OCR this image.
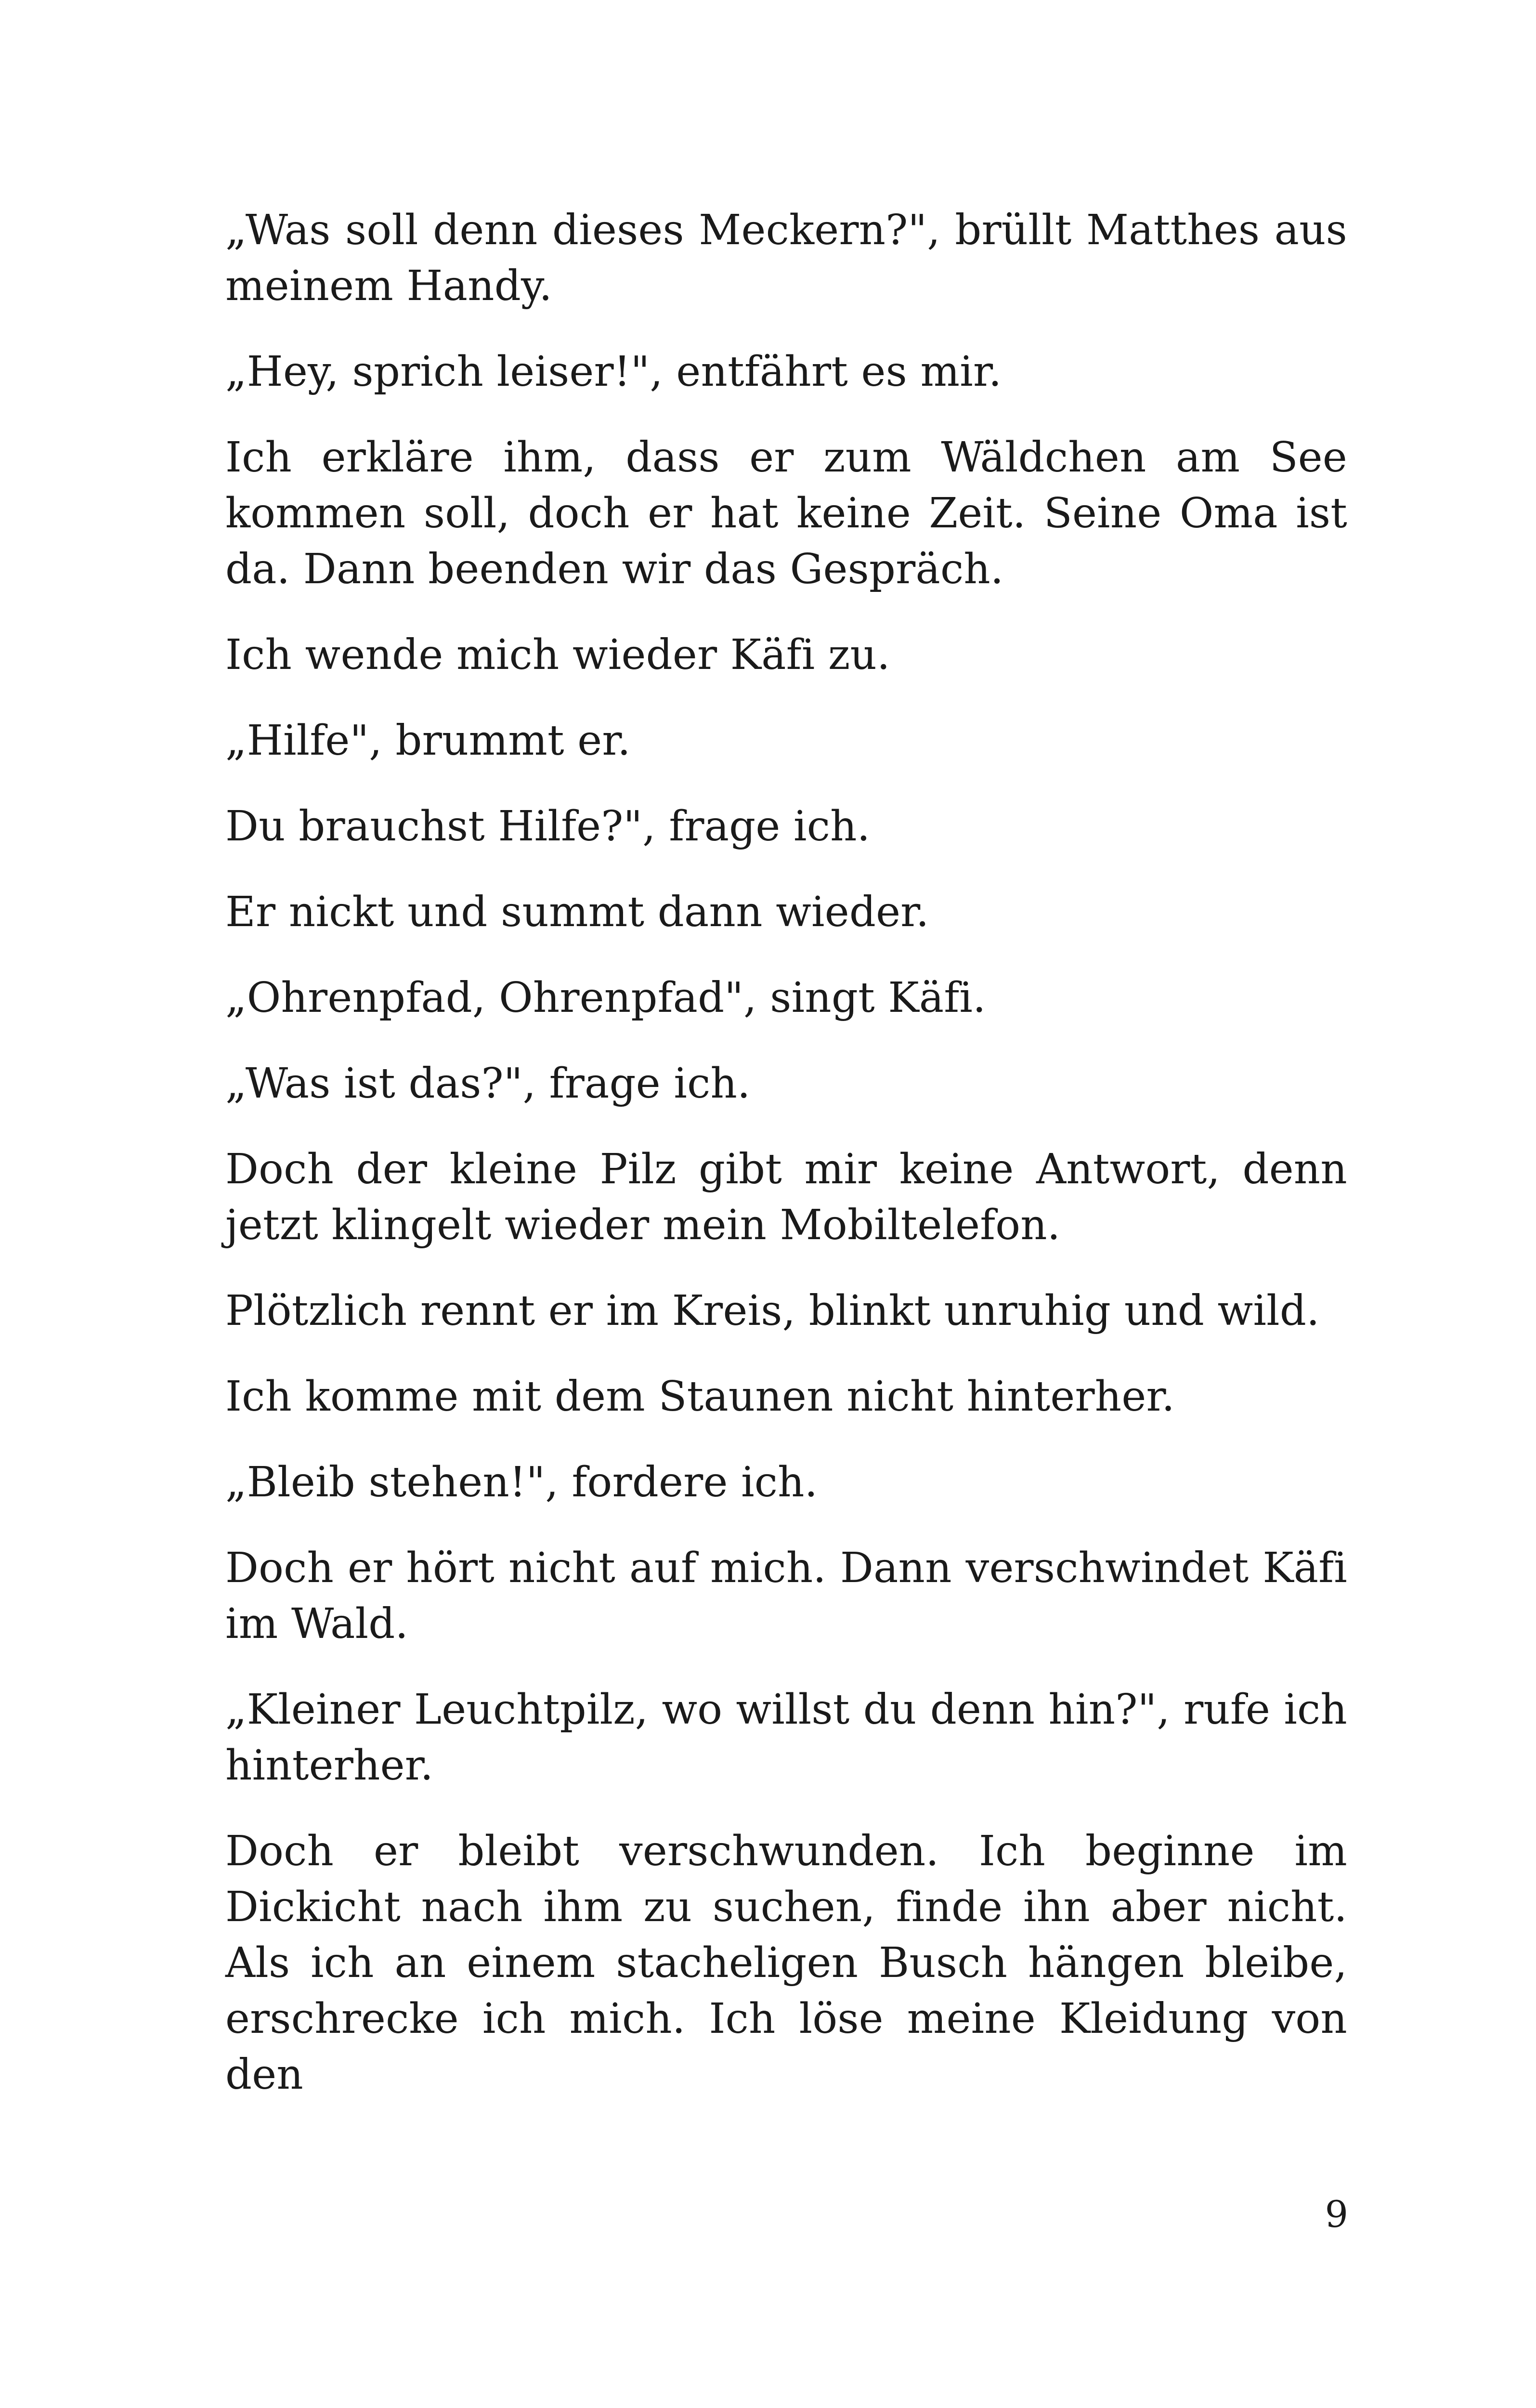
„Was soll denn dieses Meckern?", brüllt Matthes aus meinem Handy.

„Hey, sprich leiser!", entfährt es mir.

Ich erkläre ihm, dass er zum Wäldchen am See kommen soll, doch er hat keine Zeit. Seine Oma ist da. Dann beenden wir das Gespräch.

Ich wende mich wieder Käfi zu.

„Hilfe", brummt er.

Du brauchst Hilfe?", frage ich.

Er nickt und summt dann wieder.

„Ohrenpfad, Ohrenpfad", singt Käfi.

„Was ist das?", frage ich.

Doch der kleine Pilz gibt mir keine Antwort, denn jetzt klingelt wieder mein Mobiltelefon.

Plötzlich rennt er im Kreis, blinkt unruhig und wild.

Ich komme mit dem Staunen nicht hinterher.

„Bleib stehen!", fordere ich.

Doch er hört nicht auf mich. Dann verschwindet Käfi im Wald.

„Kleiner Leuchtpilz, wo willst du denn hin?", rufe ich hinterher.

Doch er bleibt verschwunden. Ich beginne im Dickicht nach ihm zu suchen, finde ihn aber nicht. Als ich an einem stacheligen Busch hängen bleibe, erschrecke ich mich. Ich löse meine Kleidung von den

9
